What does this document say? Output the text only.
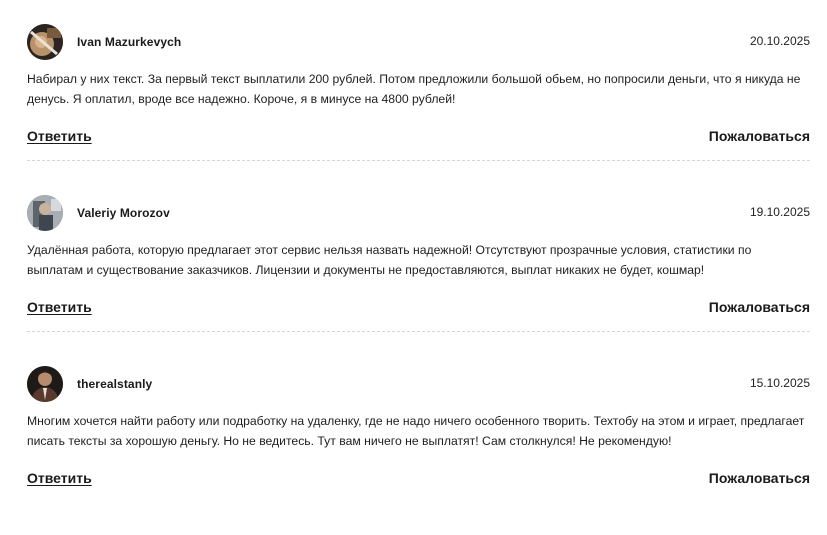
Ivan Mazurkevych	20.10.2025
Набирал у них текст. За первый текст выплатили 200 рублей. Потом предложили большой обьем, но попросили деньги, что я никуда не денусь. Я оплатил, вроде все надежно. Короче, я в минусе на 4800 рублей!
Ответить	Пожаловаться
Valeriy Morozov	19.10.2025
Удалённая работа, которую предлагает этот сервис нельзя назвать надежной! Отсутствуют прозрачные условия, статистики по выплатам и существование заказчиков. Лицензии и документы не предоставляются, выплат никаких не будет, кошмар!
Ответить	Пожаловаться
therealstanly	15.10.2025
Многим хочется найти работу или подработку на удаленку, где не надо ничего особенного творить. Техтобу на этом и играет, предлагает писать тексты за хорошую деньгу. Но не ведитесь. Тут вам ничего не выплатят! Сам столкнулся! Не рекомендую!
Ответить	Пожаловаться
